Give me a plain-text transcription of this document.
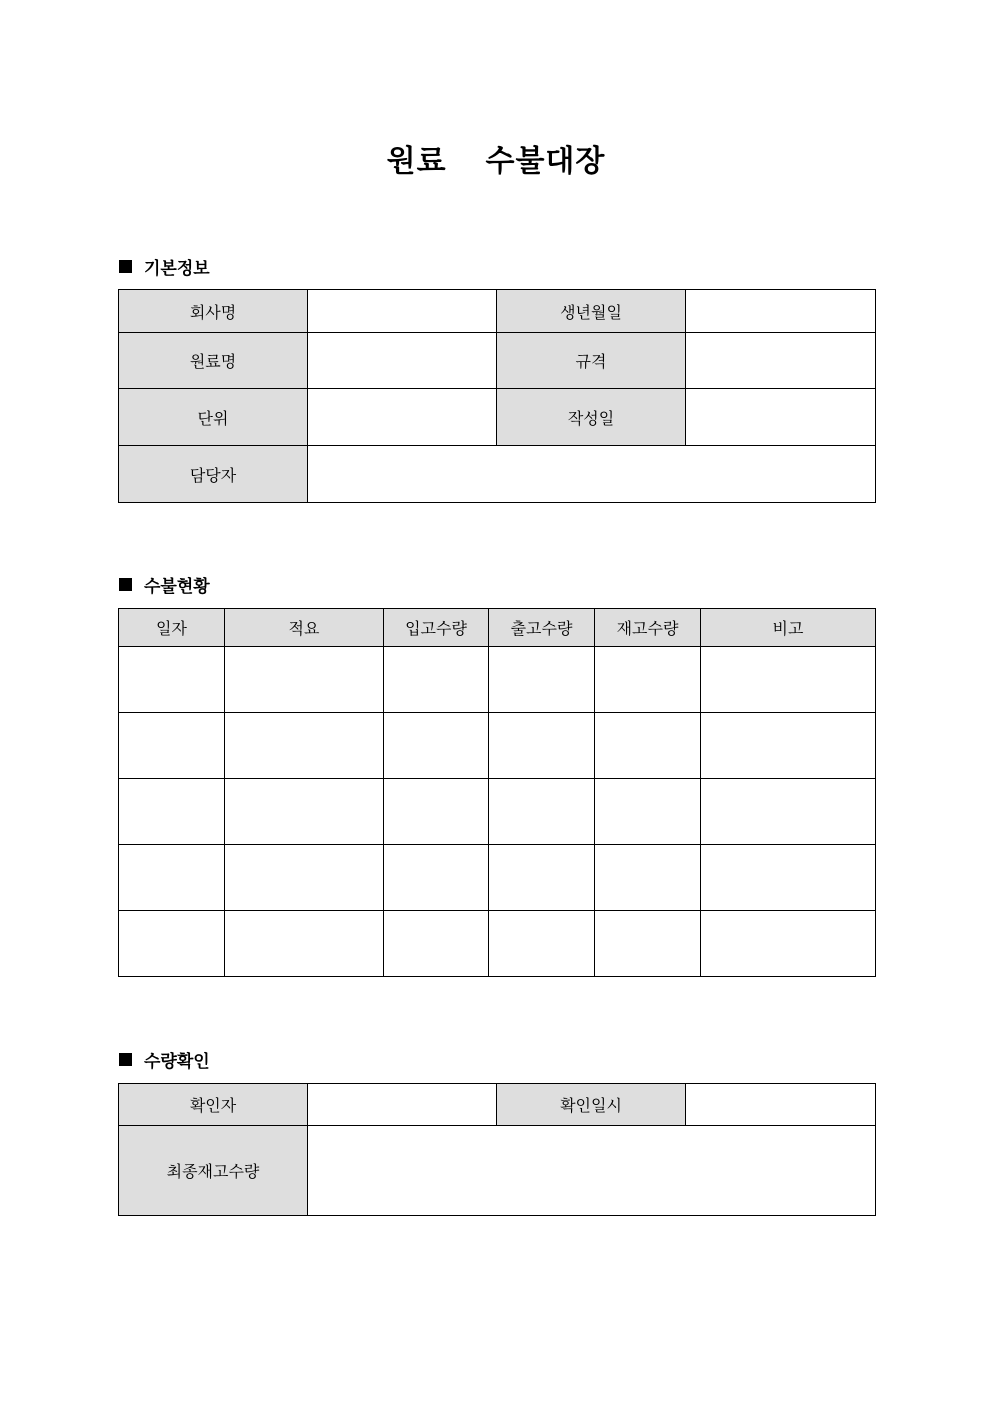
원료  수불대장
기본정보
회사명		생년월일	
원료명		규격	
단위		작성일	
담당자			
수불현황
일자	적요	입고수량	출고수량	재고수량	비고

수량확인
확인자		확인일시	
최종재고수량			
